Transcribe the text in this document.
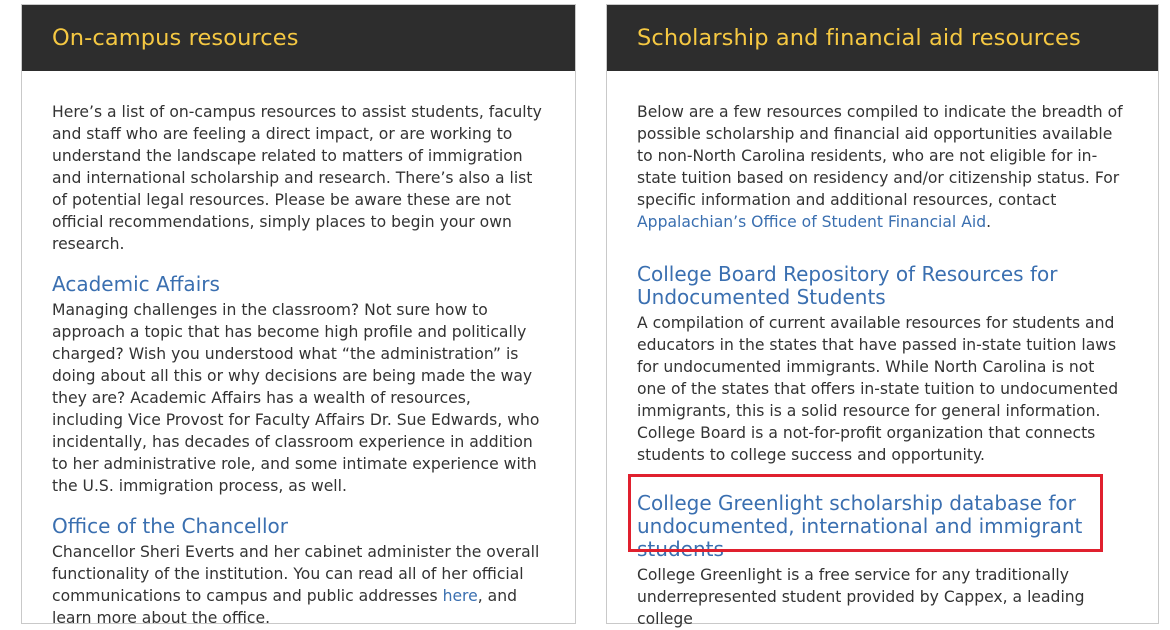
On-campus resources

Here’s a list of on-campus resources to assist students, faculty and staff who are feeling a direct impact, or are working to understand the landscape related to matters of immigration and international scholarship and research. There’s also a list of potential legal resources. Please be aware these are not official recommendations, simply places to begin your own research.

Academic Affairs

Managing challenges in the classroom? Not sure how to approach a topic that has become high profile and politically charged? Wish you understood what “the administration” is doing about all this or why decisions are being made the way they are? Academic Affairs has a wealth of resources, including Vice Provost for Faculty Affairs Dr. Sue Edwards, who incidentally, has decades of classroom experience in addition to her administrative role, and some intimate experience with the U.S. immigration process, as well.

Office of the Chancellor

Chancellor Sheri Everts and her cabinet administer the overall functionality of the institution. You can read all of her official communications to campus and public addresses here, and learn more about the office.

Scholarship and financial aid resources

Below are a few resources compiled to indicate the breadth of possible scholarship and financial aid opportunities available to non-North Carolina residents, who are not eligible for in-state tuition based on residency and/or citizenship status. For specific information and additional resources, contact Appalachian’s Office of Student Financial Aid.

College Board Repository of Resources for Undocumented Students

A compilation of current available resources for students and educators in the states that have passed in-state tuition laws for undocumented immigrants. While North Carolina is not one of the states that offers in-state tuition to undocumented immigrants, this is a solid resource for general information. College Board is a not-for-profit organization that connects students to college success and opportunity.

College Greenlight scholarship database for undocumented, international and immigrant students

College Greenlight is a free service for any traditionally underrepresented student provided by Cappex, a leading college
